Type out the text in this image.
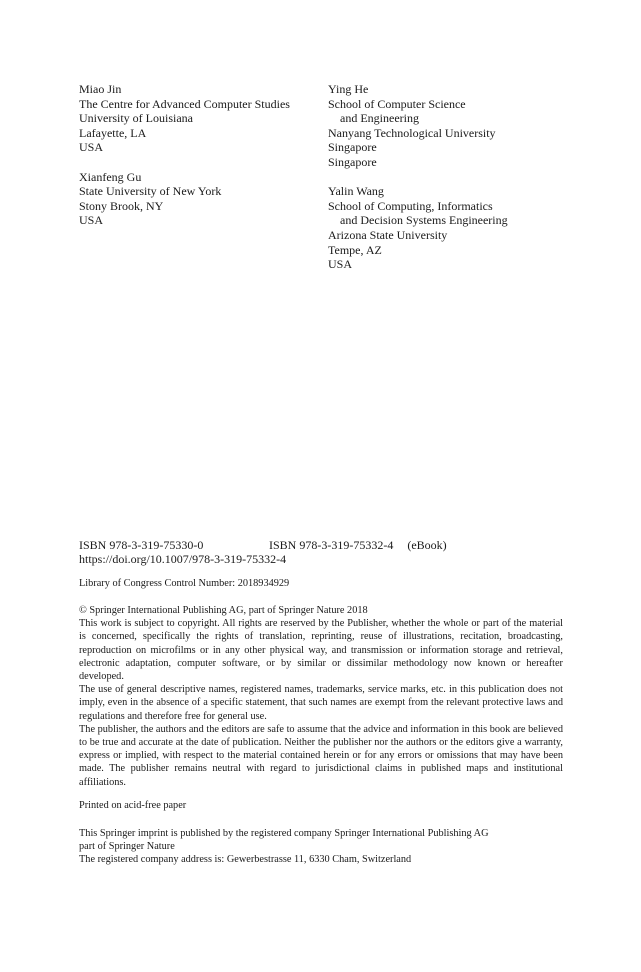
Miao Jin
The Centre for Advanced Computer Studies
University of Louisiana
Lafayette, LA
USA
Xianfeng Gu
State University of New York
Stony Brook, NY
USA
Ying He
School of Computer Science
and Engineering
Nanyang Technological University
Singapore
Singapore
Yalin Wang
School of Computing, Informatics
and Decision Systems Engineering
Arizona State University
Tempe, AZ
USA
ISBN 978-3-319-75330-0	ISBN 978-3-319-75332-4 (eBook)
https://doi.org/10.1007/978-3-319-75332-4
Library of Congress Control Number: 2018934929

© Springer International Publishing AG, part of Springer Nature 2018

This work is subject to copyright. All rights are reserved by the Publisher, whether the whole or part of the material is concerned, specifically the rights of translation, reprinting, reuse of illustrations, recitation, broadcasting, reproduction on microfilms or in any other physical way, and transmission or information storage and retrieval, electronic adaptation, computer software, or by similar or dissimilar methodology now known or hereafter developed.

The use of general descriptive names, registered names, trademarks, service marks, etc. in this publication does not imply, even in the absence of a specific statement, that such names are exempt from the relevant protective laws and regulations and therefore free for general use.

The publisher, the authors and the editors are safe to assume that the advice and information in this book are believed to be true and accurate at the date of publication. Neither the publisher nor the authors or the editors give a warranty, express or implied, with respect to the material contained herein or for any errors or omissions that may have been made. The publisher remains neutral with regard to jurisdictional claims in published maps and institutional affiliations.

Printed on acid-free paper
This Springer imprint is published by the registered company Springer International Publishing AG
part of Springer Nature
The registered company address is: Gewerbestrasse 11, 6330 Cham, Switzerland
